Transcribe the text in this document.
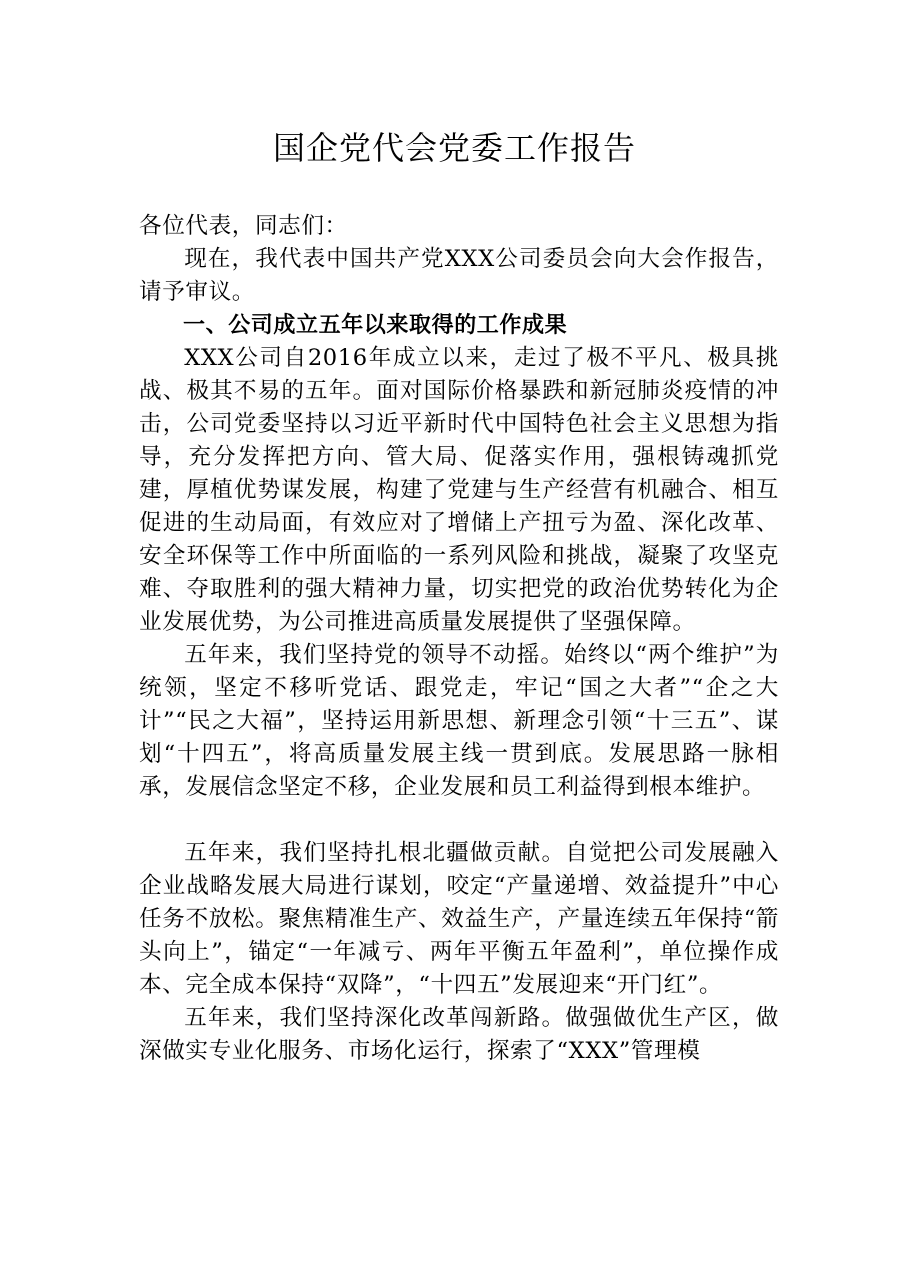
国企党代会党委工作报告

各位代表，同志们：

现在，我代表中国共产党XXX公司委员会向大会作报告，请予审议。

一、公司成立五年以来取得的工作成果

XXX公司自2016年成立以来，走过了极不平凡、极具挑战、极其不易的五年。面对国际价格暴跌和新冠肺炎疫情的冲击，公司党委坚持以习近平新时代中国特色社会主义思想为指导，充分发挥把方向、管大局、促落实作用，强根铸魂抓党建，厚植优势谋发展，构建了党建与生产经营有机融合、相互促进的生动局面，有效应对了增储上产扭亏为盈、深化改革、安全环保等工作中所面临的一系列风险和挑战，凝聚了攻坚克难、夺取胜利的强大精神力量，切实把党的政治优势转化为企业发展优势，为公司推进高质量发展提供了坚强保障。

五年来，我们坚持党的领导不动摇。始终以“两个维护”为统领，坚定不移听党话、跟党走，牢记“国之大者”“企之大计”“民之大福”，坚持运用新思想、新理念引领“十三五”、谋划“十四五”，将高质量发展主线一贯到底。发展思路一脉相承，发展信念坚定不移，企业发展和员工利益得到根本维护。

五年来，我们坚持扎根北疆做贡献。自觉把公司发展融入企业战略发展大局进行谋划，咬定“产量递增、效益提升”中心任务不放松。聚焦精准生产、效益生产，产量连续五年保持“箭头向上”，锚定“一年减亏、两年平衡五年盈利”，单位操作成本、完全成本保持“双降”，“十四五”发展迎来“开门红”。

五年来，我们坚持深化改革闯新路。做强做优生产区，做深做实专业化服务、市场化运行，探索了“XXX”管理模
